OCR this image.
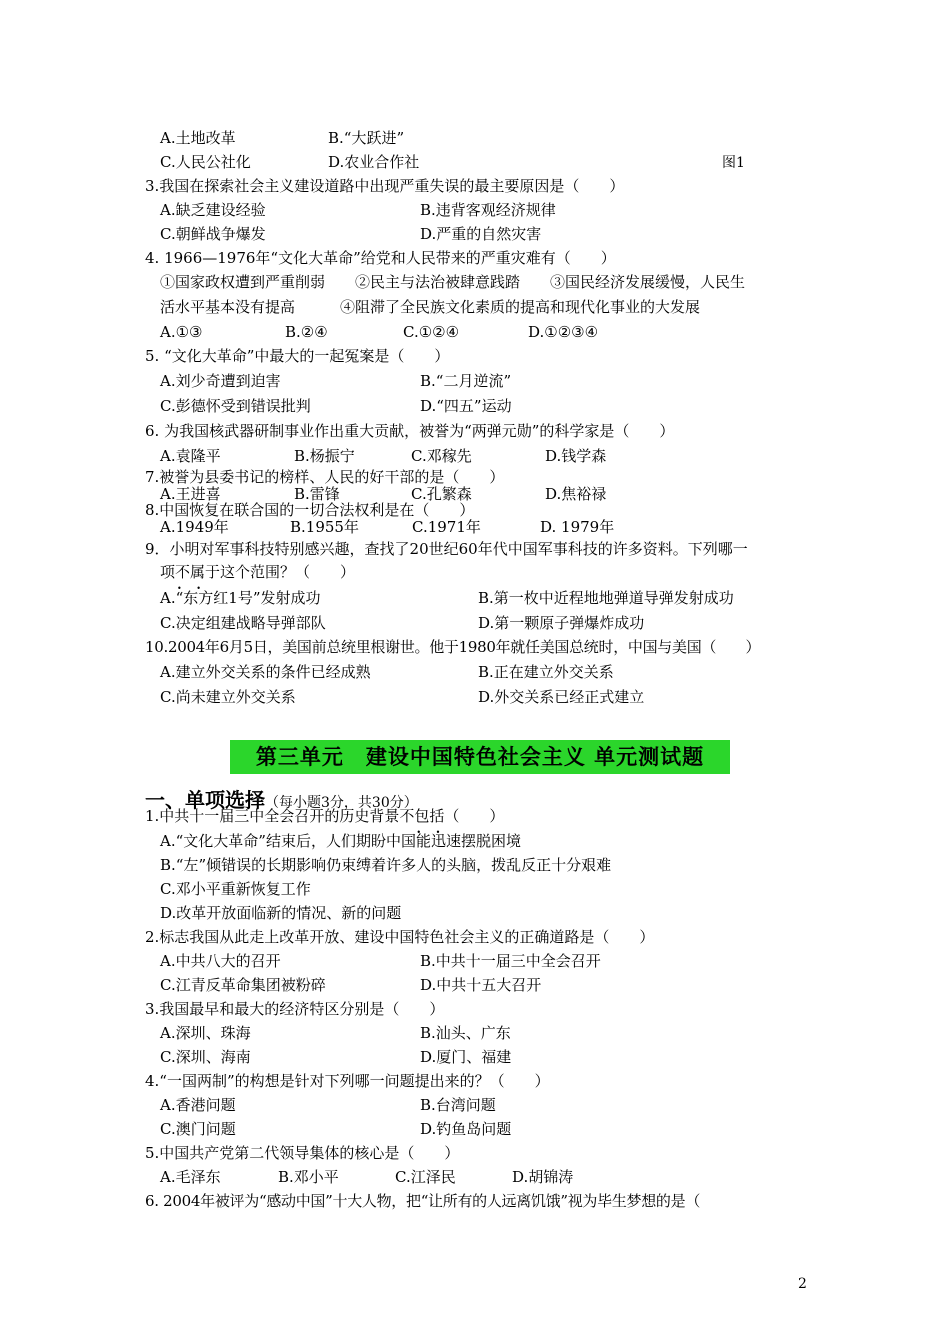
A.土地改革	B.“大跃进”
C.人民公社化	D.农业合作社	图1
3.我国在探索社会主义建设道路中出现严重失误的最主要原因是（　　）
A.缺乏建设经验	B.违背客观经济规律
C.朝鲜战争爆发	D.严重的自然灾害
4. 1966—1976年“文化大革命”给党和人民带来的严重灾难有（　　）
①国家政权遭到严重削弱　　②民主与法治被肆意践踏　　③国民经济发展缓慢，人民生
活水平基本没有提高　　　④阻滞了全民族文化素质的提高和现代化事业的大发展
A.①③	B.②④	C.①②④	D.①②③④
5. “文化大革命”中最大的一起冤案是（　　）
A.刘少奇遭到迫害	B.“二月逆流”
C.彭德怀受到错误批判	D.“四五”运动
6. 为我国核武器研制事业作出重大贡献，被誉为“两弹元勋”的科学家是（　　）
A.袁隆平	B.杨振宁	C.邓稼先	D.钱学森
7.被誉为县委书记的榜样、人民的好干部的是（　　）
A.王进喜	B.雷锋	C.孔繁森	D.焦裕禄
8.中国恢复在联合国的一切合法权利是在（　　）
A.1949年	B.1955年	C.1971年	D. 1979年
9．小明对军事科技特别感兴趣，查找了20世纪60年代中国军事科技的许多资料。下列哪一
项不属于 • •这个范围？（　　）
A.“东方红1号”发射成功	B.第一枚中近程地地弹道导弹发射成功
C.决定组建战略导弹部队	D.第一颗原子弹爆炸成功
10.2004年6月5日，美国前总统里根谢世。他于1980年就任美国总统时，中国与美国（　　）
A.建立外交关系的条件已经成熟	B.正在建立外交关系
C.尚未建立外交关系	D.外交关系已经正式建立
第三单元　建设中国特色社会主义 单元测试题
一、单项选择（每小题3分，共30分）
1.中共十一届三中全会召开的历史背景不包括 • •（　　）
A.“文化大革命”结束后，人们期盼中国能迅速摆脱困境
B.“左”倾错误的长期影响仍束缚着许多人的头脑，拨乱反正十分艰难
C.邓小平重新恢复工作
D.改革开放面临新的情况、新的问题
2.标志我国从此走上改革开放、建设中国特色社会主义的正确道路是（　　）
A.中共八大的召开	B.中共十一届三中全会召开
C.江青反革命集团被粉碎	D.中共十五大召开
3.我国最早和最大的经济特区分别是（　　）
A.深圳、珠海	B.汕头、广东
C.深圳、海南	D.厦门、福建
4.“一国两制”的构想是针对下列哪一问题提出来的？（　　）
A.香港问题	B.台湾问题
C.澳门问题	D.钓鱼岛问题
5.中国共产党第二代领导集体的核心是（　　）
A.毛泽东	B.邓小平	C.江泽民	D.胡锦涛
6. 2004年被评为“感动中国”十大人物，把“让所有的人远离饥饿”视为毕生梦想的是（
2
